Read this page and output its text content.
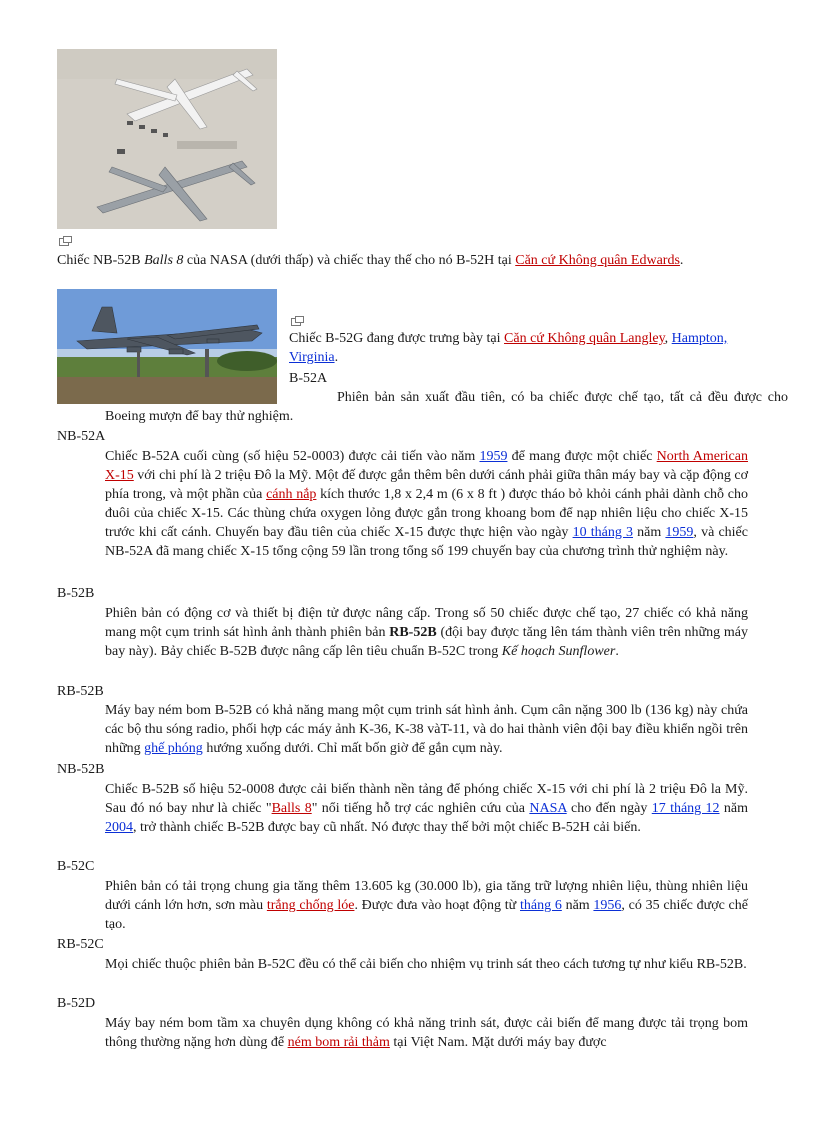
Chiếc NB-52B Balls 8 của NASA (dưới thấp) và chiếc thay thế cho nó B-52H tại Căn cứ Không quân Edwards.
Chiếc B-52G đang được trưng bày tại Căn cứ Không quân Langley, Hampton, Virginia.
B-52A
Phiên bản sản xuất đầu tiên, có ba chiếc được chế tạo, tất cả đều được cho Boeing mượn để bay thử nghiệm.
NB-52A
Chiếc B-52A cuối cùng (số hiệu 52-0003) được cải tiến vào năm 1959 để mang được một chiếc North American X-15 với chi phí là 2 triệu Đô la Mỹ. Một đế được gắn thêm bên dưới cánh phải giữa thân máy bay và cặp động cơ phía trong, và một phần của cánh nắp kích thước 1,8 x 2,4 m (6 x 8 ft ) được tháo bỏ khỏi cánh phải dành chỗ cho đuôi của chiếc X-15. Các thùng chứa oxygen lỏng được gắn trong khoang bom để nạp nhiên liệu cho chiếc X-15 trước khi cất cánh. Chuyến bay đầu tiên của chiếc X-15 được thực hiện vào ngày 10 tháng 3 năm 1959, và chiếc NB-52A đã mang chiếc X-15 tổng cộng 59 lần trong tổng số 199 chuyến bay của chương trình thử nghiệm này.
B-52B
Phiên bản có động cơ và thiết bị điện tử được nâng cấp. Trong số 50 chiếc được chế tạo, 27 chiếc có khả năng mang một cụm trinh sát hình ảnh thành phiên bản RB-52B (đội bay được tăng lên tám thành viên trên những máy bay này). Bảy chiếc B-52B được nâng cấp lên tiêu chuẩn B-52C trong Kế hoạch Sunflower.
RB-52B
Máy bay ném bom B-52B có khả năng mang một cụm trinh sát hình ảnh. Cụm cân nặng 300 lb (136 kg) này chứa các bộ thu sóng radio, phối hợp các máy ảnh K-36, K-38 vàT-11, và do hai thành viên đội bay điều khiển ngồi trên những ghế phóng hướng xuống dưới. Chỉ mất bốn giờ để gắn cụm này.
NB-52B
Chiếc B-52B số hiệu 52-0008 được cải biến thành nền tảng để phóng chiếc X-15 với chi phí là 2 triệu Đô la Mỹ. Sau đó nó bay như là chiếc "Balls 8" nổi tiếng hỗ trợ các nghiên cứu của NASA cho đến ngày 17 tháng 12 năm 2004, trở thành chiếc B-52B được bay cũ nhất. Nó được thay thế bởi một chiếc B-52H cải biến.
B-52C
Phiên bản có tải trọng chung gia tăng thêm 13.605 kg (30.000 lb), gia tăng trữ lượng nhiên liệu, thùng nhiên liệu dưới cánh lớn hơn, sơn màu trắng chống lóe. Được đưa vào hoạt động từ tháng 6 năm 1956, có 35 chiếc được chế tạo.
RB-52C
Mọi chiếc thuộc phiên bản B-52C đều có thể cải biến cho nhiệm vụ trinh sát theo cách tương tự như kiểu RB-52B.
B-52D
Máy bay ném bom tầm xa chuyên dụng không có khả năng trinh sát, được cải biến để mang được tải trọng bom thông thường nặng hơn dùng để ném bom rải thảm tại Việt Nam. Mặt dưới máy bay được
